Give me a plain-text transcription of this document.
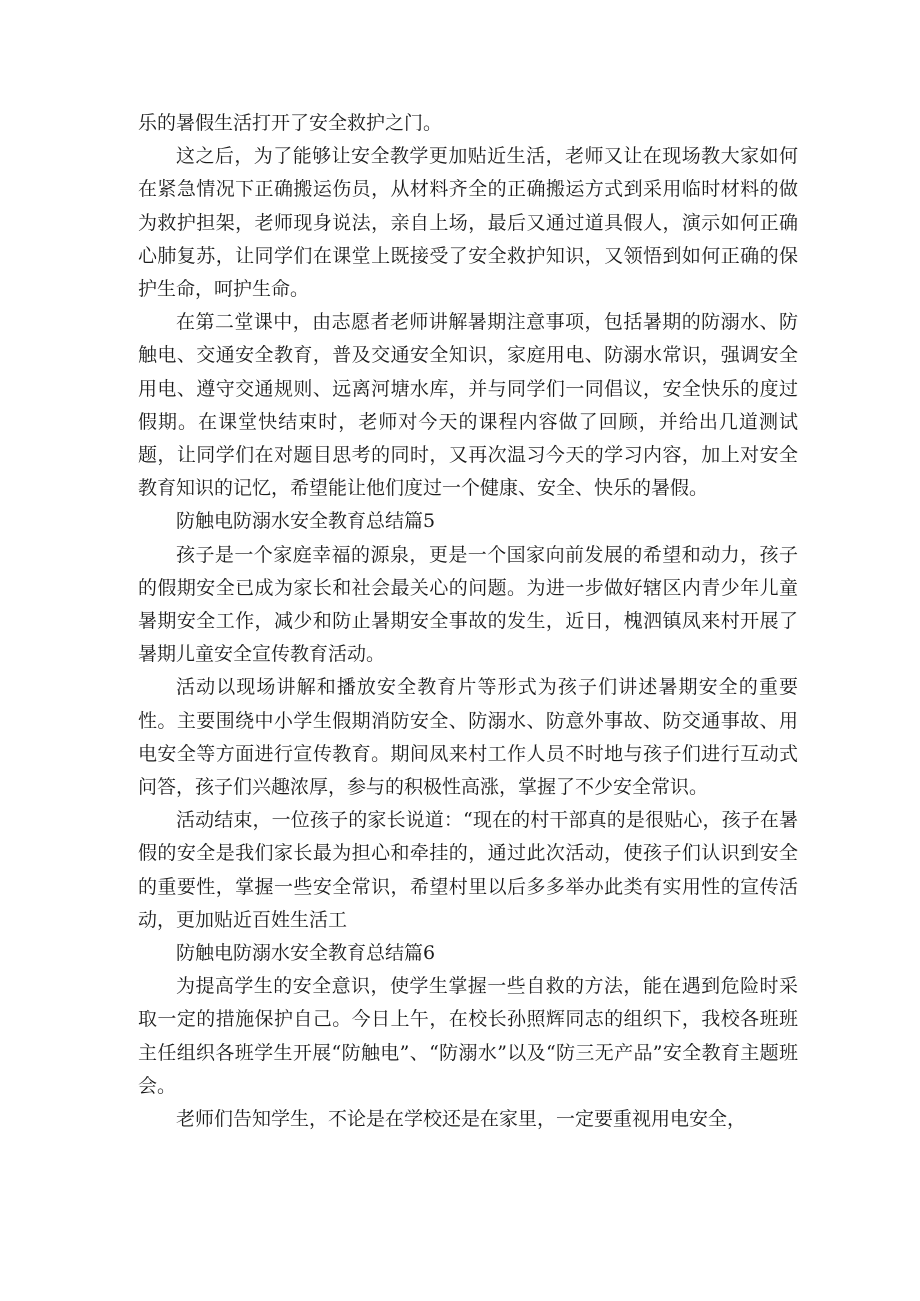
乐的暑假生活打开了安全救护之门。

这之后，为了能够让安全教学更加贴近生活，老师又让在现场教大家如何在紧急情况下正确搬运伤员，从材料齐全的正确搬运方式到采用临时材料的做为救护担架，老师现身说法，亲自上场，最后又通过道具假人，演示如何正确心肺复苏，让同学们在课堂上既接受了安全救护知识，又领悟到如何正确的保护生命，呵护生命。

在第二堂课中，由志愿者老师讲解暑期注意事项，包括暑期的防溺水、防触电、交通安全教育，普及交通安全知识，家庭用电、防溺水常识，强调安全用电、遵守交通规则、远离河塘水库，并与同学们一同倡议，安全快乐的度过假期。在课堂快结束时，老师对今天的课程内容做了回顾，并给出几道测试题，让同学们在对题目思考的同时，又再次温习今天的学习内容，加上对安全教育知识的记忆，希望能让他们度过一个健康、安全、快乐的暑假。

防触电防溺水安全教育总结篇5

孩子是一个家庭幸福的源泉，更是一个国家向前发展的希望和动力，孩子的假期安全已成为家长和社会最关心的问题。为进一步做好辖区内青少年儿童暑期安全工作，减少和防止暑期安全事故的发生，近日，槐泗镇凤来村开展了暑期儿童安全宣传教育活动。

活动以现场讲解和播放安全教育片等形式为孩子们讲述暑期安全的重要性。主要围绕中小学生假期消防安全、防溺水、防意外事故、防交通事故、用电安全等方面进行宣传教育。期间凤来村工作人员不时地与孩子们进行互动式问答，孩子们兴趣浓厚，参与的积极性高涨，掌握了不少安全常识。

活动结束，一位孩子的家长说道：“现在的村干部真的是很贴心，孩子在暑假的安全是我们家长最为担心和牵挂的，通过此次活动，使孩子们认识到安全的重要性，掌握一些安全常识，希望村里以后多多举办此类有实用性的宣传活动，更加贴近百姓生活工

防触电防溺水安全教育总结篇6

为提高学生的安全意识，使学生掌握一些自救的方法，能在遇到危险时采取一定的措施保护自己。今日上午，在校长孙照辉同志的组织下，我校各班班主任组织各班学生开展“防触电”、“防溺水”以及“防三无产品”安全教育主题班会。

老师们告知学生，不论是在学校还是在家里，一定要重视用电安全，
